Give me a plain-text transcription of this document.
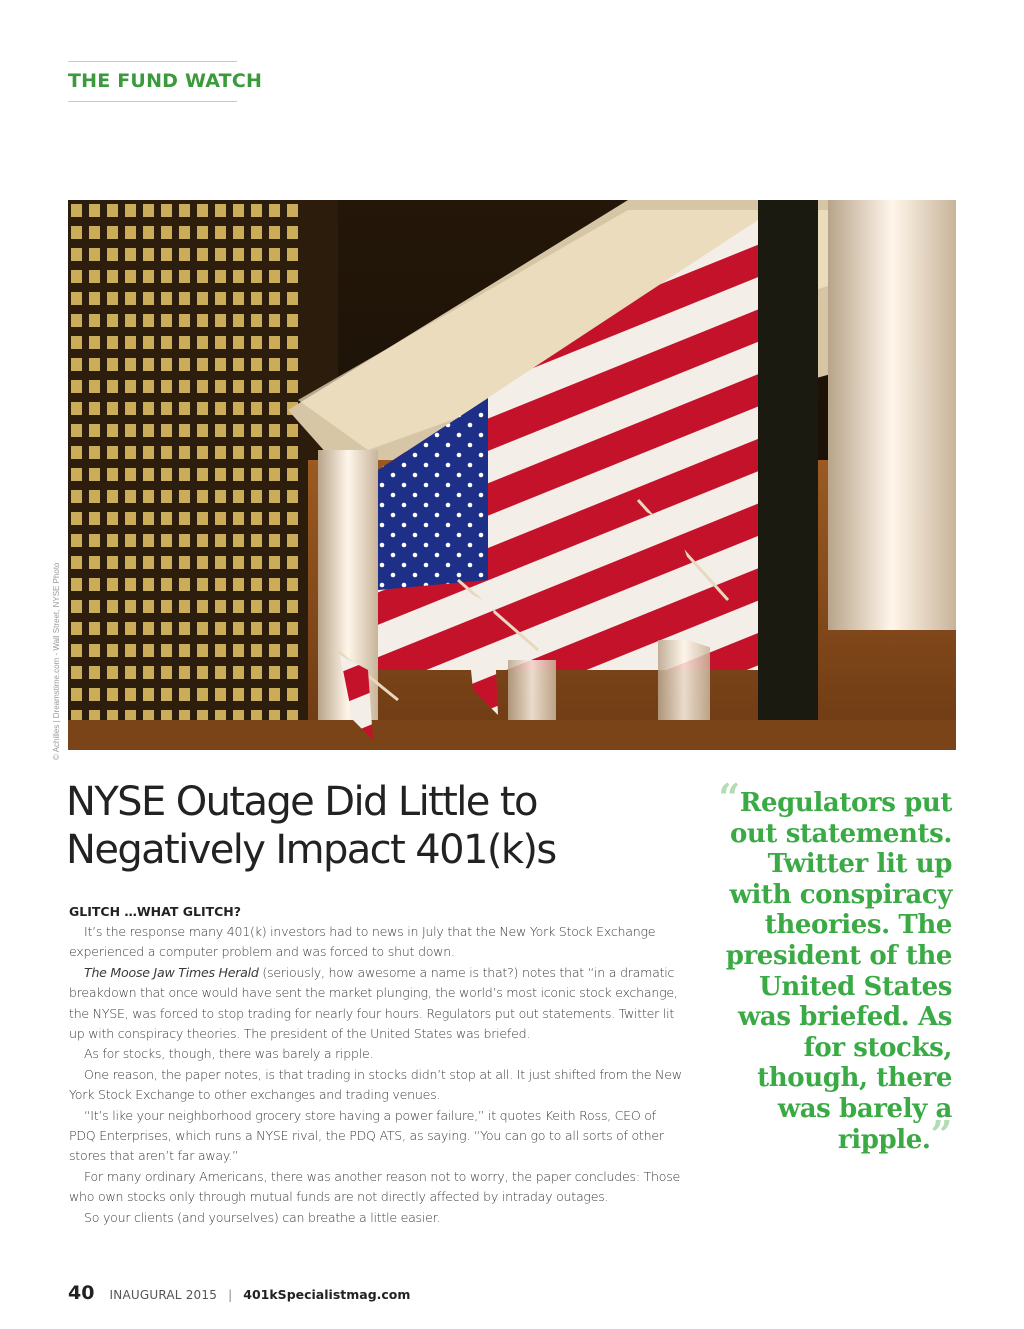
THE FUND WATCH
© Achilles | Dreamstime.com - Wall Street, NYSE Photo
NYSE Outage Did Little to
Negatively Impact 401(k)s
GLITCH …WHAT GLITCH?

It’s the response many 401(k) investors had to news in July that the New York Stock Exchange experienced a computer problem and was forced to shut down.

The Moose Jaw Times Herald (seriously, how awesome a name is that?) notes that “in a dramatic breakdown that once would have sent the market plunging, the world’s most iconic stock exchange, the NYSE, was forced to stop trading for nearly four hours. Regulators put out statements. Twitter lit up with conspiracy theories. The president of the United States was briefed.

As for stocks, though, there was barely a ripple.

One reason, the paper notes, is that trading in stocks didn’t stop at all. It just shifted from the New York Stock Exchange to other exchanges and trading venues.

“It’s like your neighborhood grocery store having a power failure,” it quotes Keith Ross, CEO of PDQ Enterprises, which runs a NYSE rival, the PDQ ATS, as saying. “You can go to all sorts of other stores that aren’t far away.”

For many ordinary Americans, there was another reason not to worry, the paper concludes: Those who own stocks only through mutual funds are not directly affected by intraday outages.

So your clients (and yourselves) can breathe a little easier.

“Regulators put out statements. Twitter lit up with conspiracy theories. The president of the United States was briefed. As for stocks, though, there was barely a ripple.”

40 INAUGURAL 2015 | 401kSpecialistmag.com
